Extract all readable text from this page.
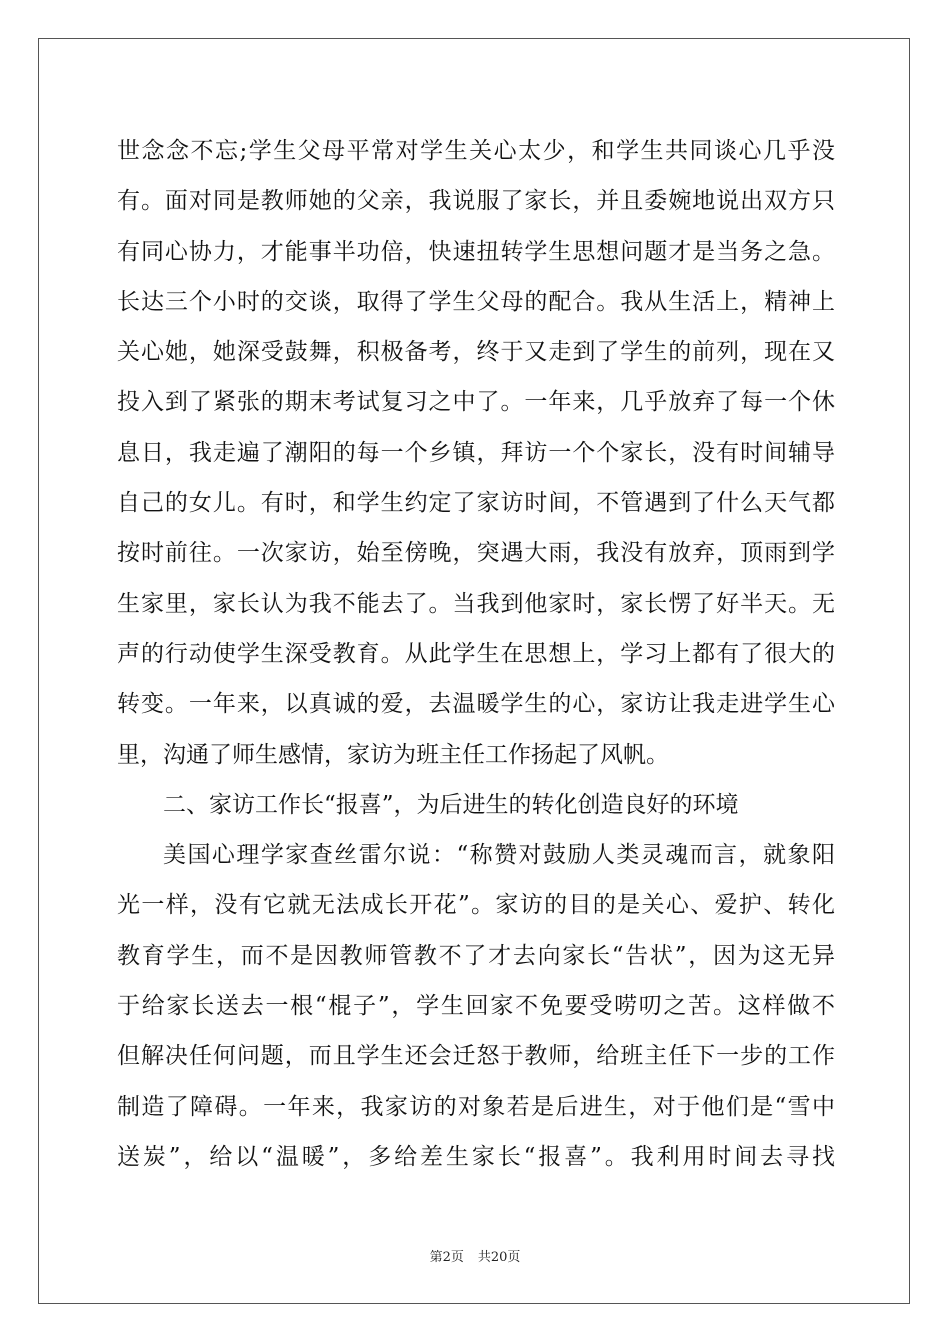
世念念不忘;学生父母平常对学生关心太少，和学生共同谈心几乎没
有。面对同是教师她的父亲，我说服了家长，并且委婉地说出双方只
有同心协力，才能事半功倍，快速扭转学生思想问题才是当务之急。
长达三个小时的交谈，取得了学生父母的配合。我从生活上，精神上
关心她，她深受鼓舞，积极备考，终于又走到了学生的前列，现在又
投入到了紧张的期末考试复习之中了。一年来，几乎放弃了每一个休
息日，我走遍了潮阳的每一个乡镇，拜访一个个家长，没有时间辅导
自己的女儿。有时，和学生约定了家访时间，不管遇到了什么天气都
按时前往。一次家访，始至傍晚，突遇大雨，我没有放弃，顶雨到学
生家里，家长认为我不能去了。当我到他家时，家长愣了好半天。无
声的行动使学生深受教育。从此学生在思想上，学习上都有了很大的
转变。一年来，以真诚的爱，去温暖学生的心，家访让我走进学生心
里，沟通了师生感情，家访为班主任工作扬起了风帆。
二、家访工作长“报喜”，为后进生的转化创造良好的环境
美国心理学家查丝雷尔说：“称赞对鼓励人类灵魂而言，就象阳
光一样，没有它就无法成长开花”。家访的目的是关心、爱护、转化
教育学生，而不是因教师管教不了才去向家长“告状”，因为这无异
于给家长送去一根“棍子”，学生回家不免要受唠叨之苦。这样做不
但解决任何问题，而且学生还会迁怒于教师，给班主任下一步的工作
制造了障碍。一年来，我家访的对象若是后进生，对于他们是“雪中
送炭”，给以“温暖”，多给差生家长“报喜”。我利用时间去寻找
第2页 共20页
